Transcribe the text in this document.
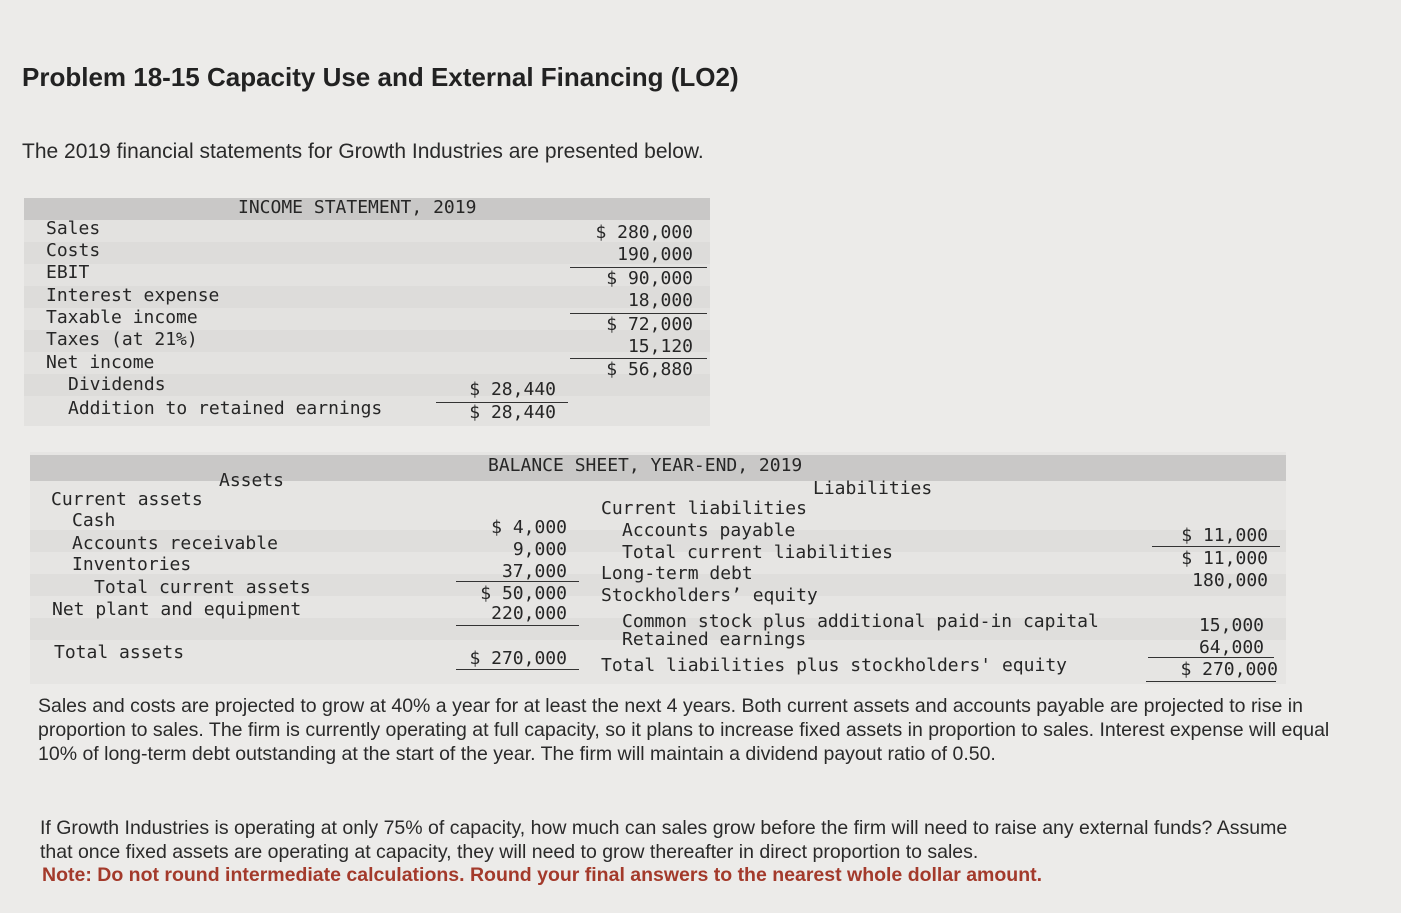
Problem 18-15 Capacity Use and External Financing (LO2)
The 2019 financial statements for Growth Industries are presented below.
INCOME STATEMENT, 2019
Sales
Costs
EBIT
Interest expense
Taxable income
Taxes (at 21%)
Net income
Dividends
Addition to retained earnings
$ 280,000
190,000
$ 90,000
18,000
$ 72,000
15,120
$ 56,880
$ 28,440
$ 28,440
BALANCE SHEET, YEAR-END, 2019
Assets	Liabilities
Current assets
Cash
Accounts receivable
Inventories
Total current assets
Net plant and equipment
Total assets
$ 4,000
9,000
37,000
$ 50,000
220,000
$ 270,000
Current liabilities
Accounts payable
Total current liabilities
Long-term debt
Stockholders’ equity
Common stock plus additional paid-in capital
Retained earnings
Total liabilities plus stockholders' equity
$ 11,000
$ 11,000
180,000
15,000
64,000
$ 270,000
Sales and costs are projected to grow at 40% a year for at least the next 4 years. Both current assets and accounts payable are projected to rise in proportion to sales. The firm is currently operating at full capacity, so it plans to increase fixed assets in proportion to sales. Interest expense will equal 10% of long-term debt outstanding at the start of the year. The firm will maintain a dividend payout ratio of 0.50.
If Growth Industries is operating at only 75% of capacity, how much can sales grow before the firm will need to raise any external funds? Assume that once fixed assets are operating at capacity, they will need to grow thereafter in direct proportion to sales.
Note: Do not round intermediate calculations. Round your final answers to the nearest whole dollar amount.
